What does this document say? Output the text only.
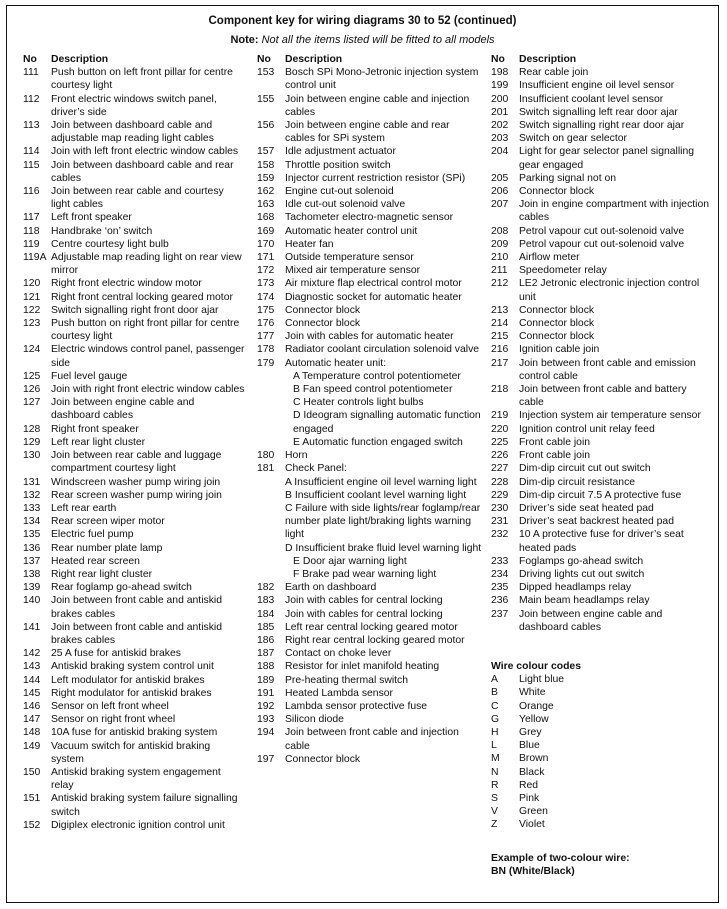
Component key for wiring diagrams 30 to 52 (continued)
Note: Not all the items listed will be fitted to all models
No	Description
111	Push button on left front pillar for centre courtesy light
112	Front electric windows switch panel, driver’s side
113	Join between dashboard cable and adjustable map reading light cables
114	Join with left front electric window cables
115	Join between dashboard cable and rear cables
116	Join between rear cable and courtesy light cables
117	Left front speaker
118	Handbrake ‘on’ switch
119	Centre courtesy light bulb
119A Adjustable map reading light on rear view mirror
120	Right front electric window motor
121	Right front central locking geared motor
122	Switch signalling right front door ajar
123	Push button on right front pillar for centre courtesy light
124	Electric windows control panel, passenger side
125	Fuel level gauge
126	Join with right front electric window cables
127	Join between engine cable and dashboard cables
128	Right front speaker
129	Left rear light cluster
130	Join between rear cable and luggage compartment courtesy light
131	Windscreen washer pump wiring join
132	Rear screen washer pump wiring join
133	Left rear earth
134	Rear screen wiper motor
135	Electric fuel pump
136	Rear number plate lamp
137	Heated rear screen
138	Right rear light cluster
139	Rear foglamp go-ahead switch
140	Join between front cable and antiskid brakes cables
141	Join between front cable and antiskid brakes cables
142	25 A fuse for antiskid brakes
143	Antiskid braking system control unit
144	Left modulator for antiskid brakes
145	Right modulator for antiskid brakes
146	Sensor on left front wheel
147	Sensor on right front wheel
148	10A fuse for antiskid braking system
149	Vacuum switch for antiskid braking system
150	Antiskid braking system engagement relay
151	Antiskid braking system failure signalling switch
152	Digiplex electronic ignition control unit
No	Description
153	Bosch SPi Mono-Jetronic injection system control unit
155	Join between engine cable and injection cables
156	Join between engine cable and rear cables for SPi system
157	Idle adjustment actuator
158	Throttle position switch
159	Injector current restriction resistor (SPi)
162	Engine cut-out solenoid
163	Idle cut-out solenoid valve
168	Tachometer electro-magnetic sensor
169	Automatic heater control unit
170	Heater fan
171	Outside temperature sensor
172	Mixed air temperature sensor
173	Air mixture flap electrical control motor
174	Diagnostic socket for automatic heater
175	Connector block
176	Connector block
177	Join with cables for automatic heater
178	Radiator coolant circulation solenoid valve
179	Automatic heater unit:
A Temperature control potentiometer
B Fan speed control potentiometer
C Heater controls light bulbs
D Ideogram signalling automatic function engaged
E Automatic function engaged switch
180	Horn
181	Check Panel:
A Insufficient engine oil level warning light
B Insufficient coolant level warning light
C Failure with side lights/rear foglamp/rear number plate light/braking lights warning light
D Insufficient brake fluid level warning light
E Door ajar warning light
F Brake pad wear warning light
182	Earth on dashboard
183	Join with cables for central locking
184	Join with cables for central locking
185	Left rear central locking geared motor
186	Right rear central locking geared motor
187	Contact on choke lever
188	Resistor for inlet manifold heating
189	Pre-heating thermal switch
191	Heated Lambda sensor
192	Lambda sensor protective fuse
193	Silicon diode
194	Join between front cable and injection cable
197	Connector block
No	Description
198	Rear cable join
199	Insufficient engine oil level sensor
200	Insufficient coolant level sensor
201	Switch signalling left rear door ajar
202	Switch signalling right rear door ajar
203	Switch on gear selector
204	Light for gear selector panel signalling gear engaged
205	Parking signal not on
206	Connector block
207	Join in engine compartment with injection cables
208	Petrol vapour cut out-solenoid valve
209	Petrol vapour cut out-solenoid valve
210	Airflow meter
211	Speedometer relay
212	LE2 Jetronic electronic injection control unit
213	Connector block
214	Connector block
215	Connector block
216	Ignition cable join
217	Join between front cable and emission control cable
218	Join between front cable and battery cable
219	Injection system air temperature sensor
220	Ignition control unit relay feed
225	Front cable join
226	Front cable join
227	Dim-dip circuit cut out switch
228	Dim-dip circuit resistance
229	Dim-dip circuit 7.5 A protective fuse
230	Driver’s side seat heated pad
231	Driver’s seat backrest heated pad
232	10 A protective fuse for driver’s seat heated pads
233	Foglamps go-ahead switch
234	Driving lights cut out switch
235	Dipped headlamps relay
236	Main beam headlamps relay
237	Join between engine cable and dashboard cables
Wire colour codes
A	Light blue
B	White
C	Orange
G	Yellow
H	Grey
L	Blue
M	Brown
N	Black
R	Red
S	Pink
V	Green
Z	Violet
Example of two-colour wire:
BN (White/Black)
